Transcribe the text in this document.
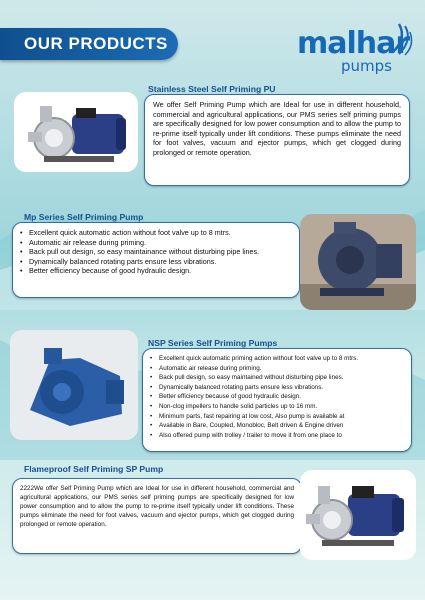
OUR PRODUCTS	malhar
pumps
Stainless Steel Self Priming PU

We offer Self Priming Pump which are Ideal for use in different household, commercial and agricultural applications, our PMS series self priming pumps are specifically designed for low power consumption and to allow the pump to re-prime itself typically under lift conditions. These pumps eliminate the need for foot valves, vacuum and ejector pumps, which get clogged during prolonged or remote operation.

Mp Series Self Priming Pump
• Excellent quick automatic action without foot valve up to 8 mtrs.
• Automatic air release during priming.
• Back pull out design, so easy maintainance without disturbing pipe lines.
• Dynamically balanced rotating parts ensure less vibrations.
• Better efficiency because of good hydraulic design.
NSP Series Self Priming Pumps
• Excellent quick automatic priming action without foot valve up to 8 mtrs.
• Automatic air release during priming.
• Back pull design, so easy maintained without disturbing pipe lines.
• Dynamically balanced rotating parts ensure less vibrations.
• Better efficiency because of good hydraulic design.
• Non-clog impellers to handle solid particles up to 16 mm.
• Minimum parts, fast repairing at low cost, Also pump is available at
• Available in Bare, Coupled, Monobloc, Belt driven & Engine driven
• Also offered pump with trolley / trailer to move it from one place to
Flameproof Self Priming SP Pump

2222We offer Self Priming Pump which are Ideal for use in different household, commercial and agricultural applications, our PMS series self priming pumps are specifically designed for low power consumption and to allow the pump to re-prime itself typically under lift conditions. These pumps eliminate the need for foot valves, vacuum and ejector pumps, which get clogged during prolonged or remote operation.
